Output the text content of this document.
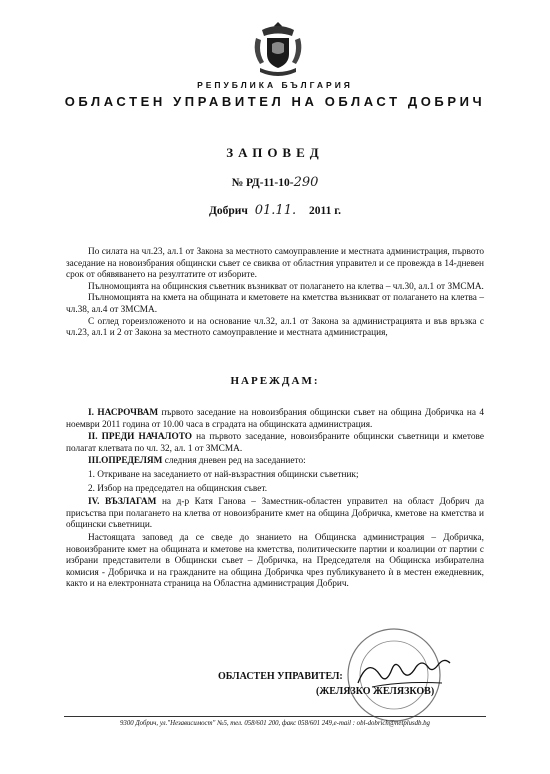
РЕПУБЛИКА БЪЛГАРИЯ
ОБЛАСТЕН УПРАВИТЕЛ НА ОБЛАСТ ДОБРИЧ
ЗАПОВЕД
№ РД-11-10-290
Добрич 01.11. 2011 г.

По силата на чл.23, ал.1 от Закона за местното самоуправление и местната администрация, първото заседание на новоизбрания общински съвет се свиква от областния управител и се провежда в 14-дневен срок от обявяването на резултатите от изборите.

Пълномощията на общинския съветник възникват от полагането на клетва – чл.30, ал.1 от ЗМСМА.

Пълномощията на кмета на общината и кметовете на кметства възникват от полагането на клетва – чл.38, ал.4 от ЗМСМА.

С оглед гореизложеното и на основание чл.32, ал.1 от Закона за администрацията и във връзка с чл.23, ал.1 и 2 от Закона за местното самоуправление и местната администрация,

НАРЕЖДАМ:

I. НАСРОЧВАМ първото заседание на новоизбрания общински съвет на община Добричка на 4 ноември 2011 година от 10.00 часа в сградата на общинската администрация.

II. ПРЕДИ НАЧАЛОТО на първото заседание, новоизбраните общински съветници и кметове полагат клетвата по чл. 32, ал. 1 от ЗМСМА.

III.ОПРЕДЕЛЯМ следния дневен ред на заседанието:

1. Откриване на заседанието от най-възрастния общински съветник;

2. Избор на председател на общинския съвет.

IV. ВЪЗЛАГАМ на д-р Катя Ганова – Заместник-областен управител на област Добрич да присъства при полагането на клетва от новоизбраните кмет на община Добричка, кметове на кметства и общински съветници.

Настоящата заповед да се сведе до знанието на Общинска администрация – Добричка, новоизбраните кмет на общината и кметове на кметства, политическите партии и коалиции от партии с избрани представители в Общински съвет – Добричка, на Председателя на Общинска избирателна комисия - Добричка и на гражданите на община Добричка чрез публикуването ѝ в местен ежедневник, както и на електронната страница на Областна администрация Добрич.

ОБЛАСТЕН УПРАВИТЕЛ:
(ЖЕЛЯЗКО ЖЕЛЯЗКОВ)
9300 Добрич, ул."Независимост" №5, тел. 058/601 200, факс 058/601 249,e-mail : obl-dobrich@netplusdb.bg
